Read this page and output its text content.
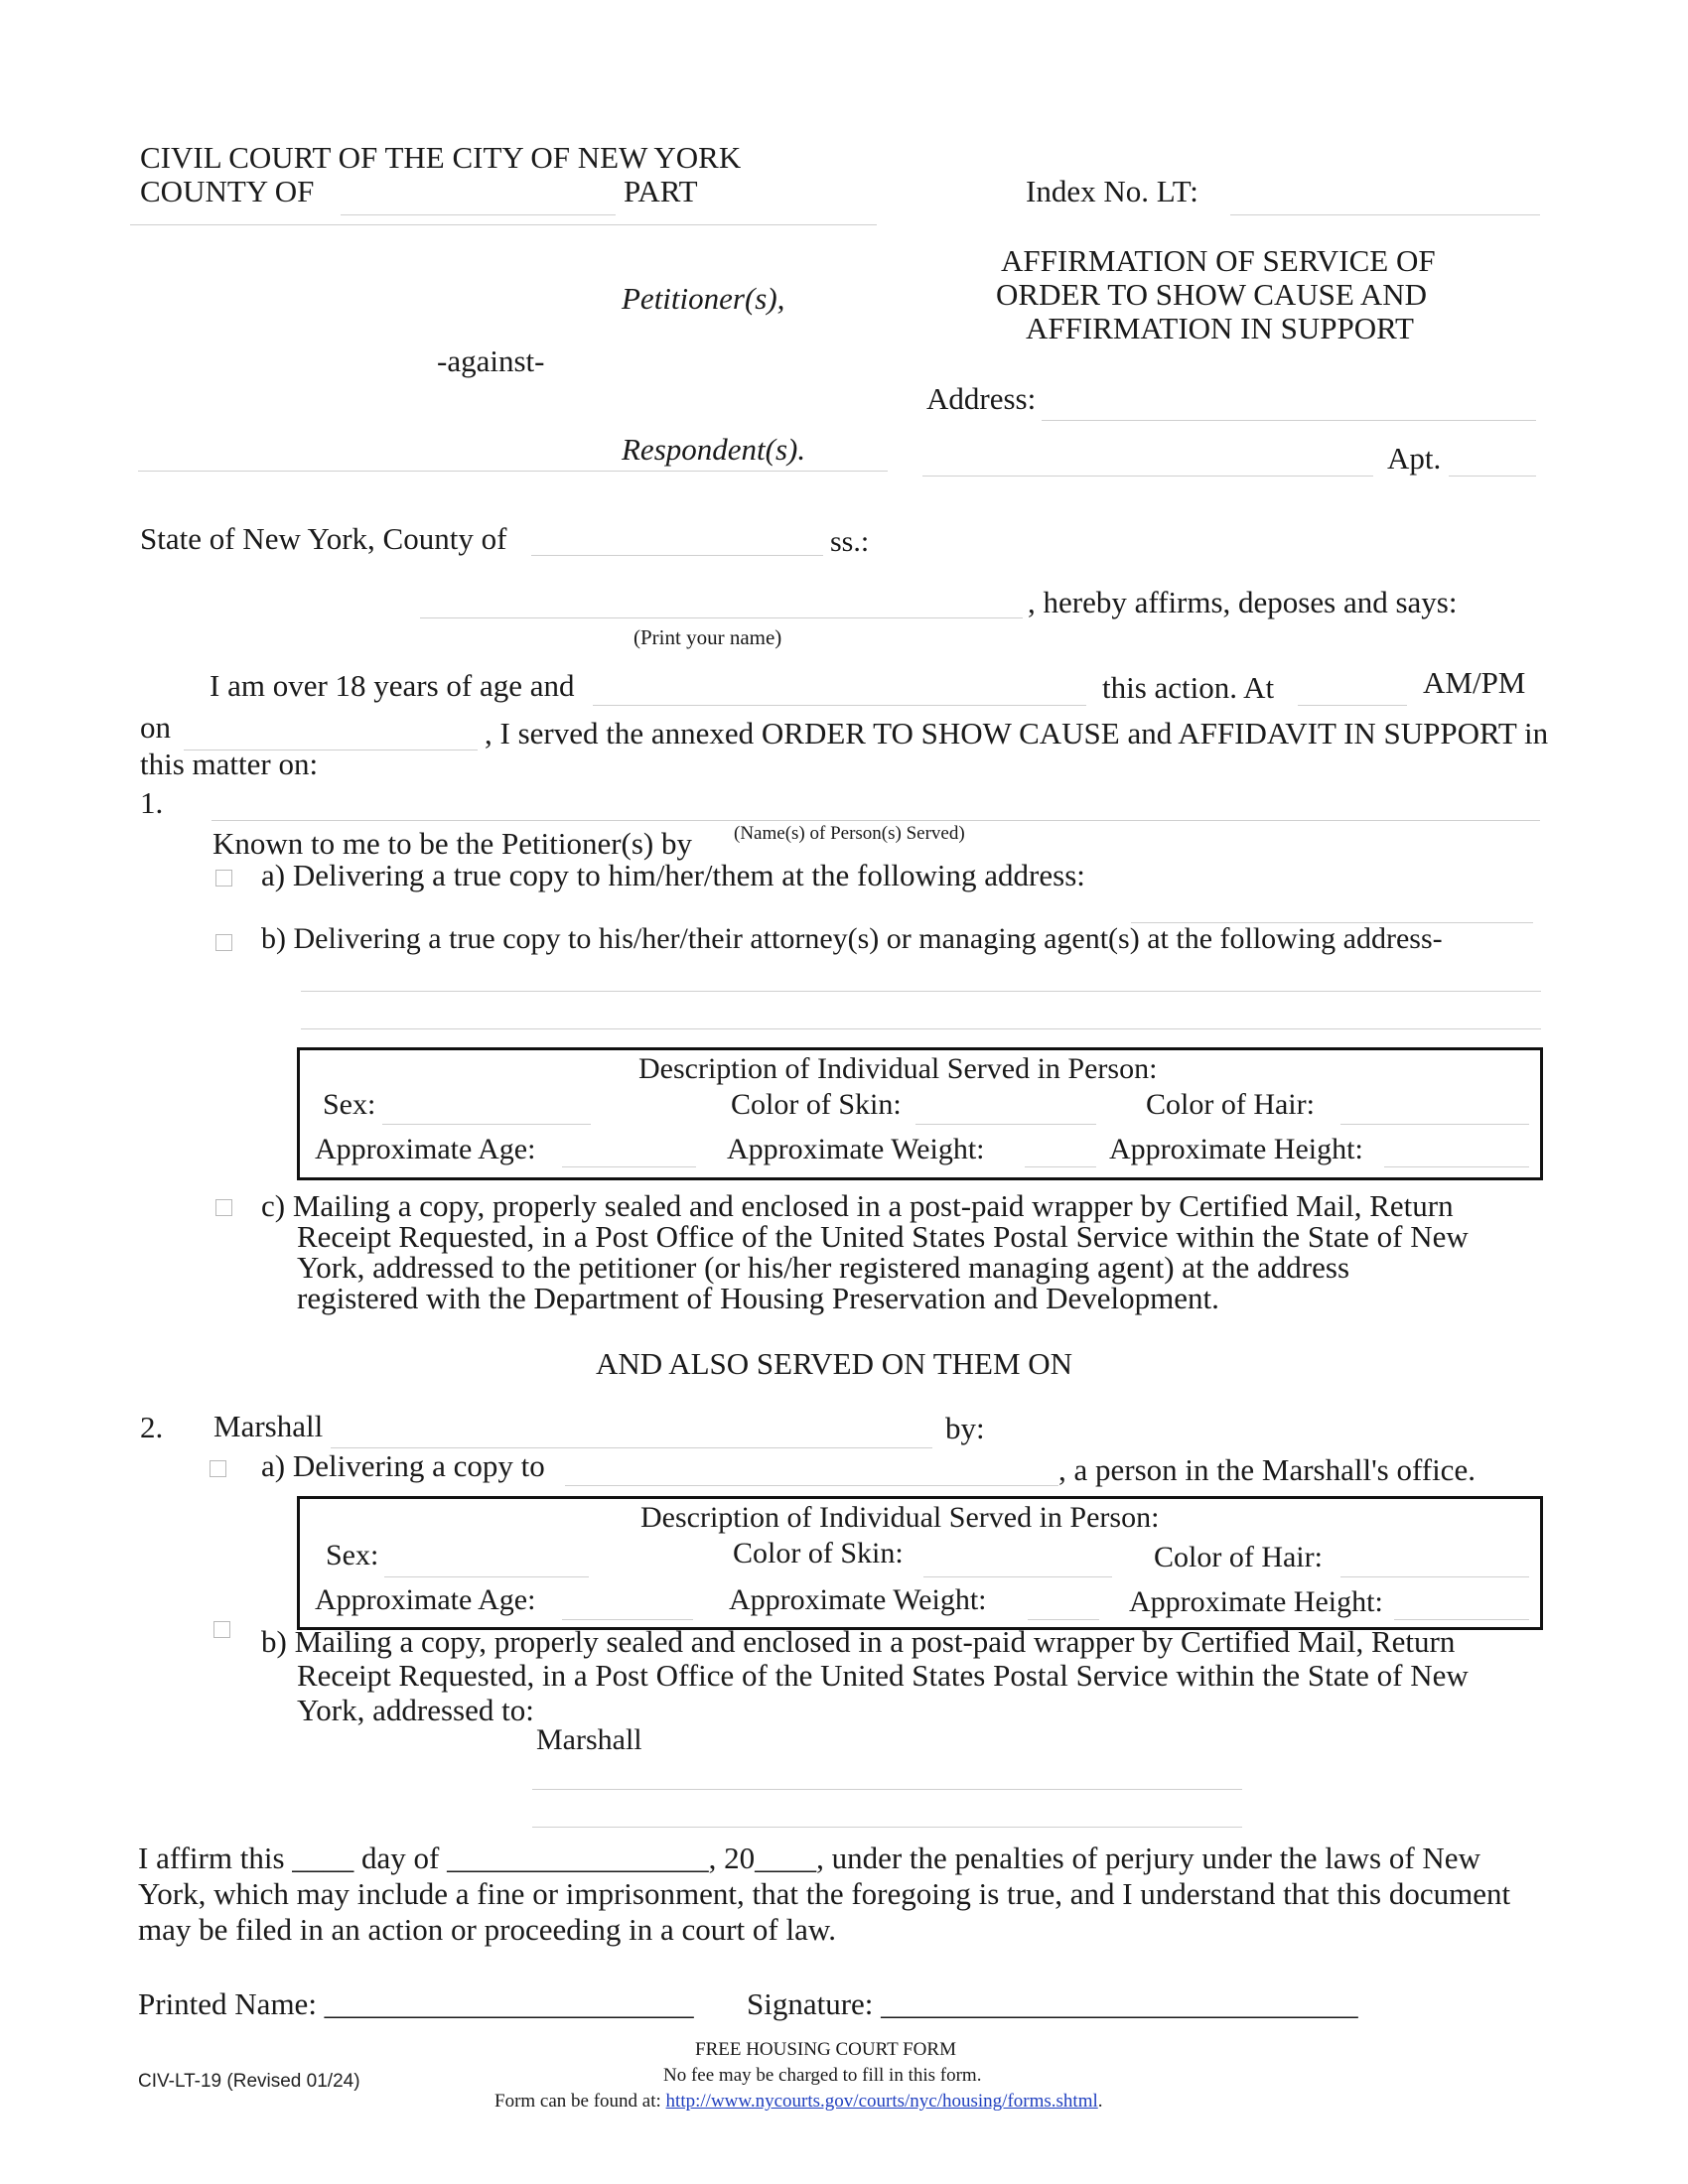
CIVIL COURT OF THE CITY OF NEW YORK
COUNTY OF	PART	Index No. LT:
Petitioner(s),
-against-
Respondent(s).
AFFIRMATION OF SERVICE OF
ORDER TO SHOW CAUSE AND
AFFIRMATION IN SUPPORT
Address:
Apt.
State of New York, County of	ss.:
, hereby affirms, deposes and says:
(Print your name)
I am over 18 years of age and	this action. At	AM/PM
on	, I served the annexed ORDER TO SHOW CAUSE and AFFIDAVIT IN SUPPORT in
this matter on:
1.
Known to me to be the Petitioner(s) by (Name(s) of Person(s) Served)
a) Delivering a true copy to him/her/them at the following address:
b) Delivering a true copy to his/her/their attorney(s) or managing agent(s) at the following address-
Description of Individual Served in Person:
Sex:	Color of Skin:	Color of Hair:
Approximate Age:	Approximate Weight:	Approximate Height:
c) Mailing a copy, properly sealed and enclosed in a post-paid wrapper by Certified Mail, Return
Receipt Requested, in a Post Office of the United States Postal Service within the State of New
York, addressed to the petitioner (or his/her registered managing agent) at the address
registered with the Department of Housing Preservation and Development.
AND ALSO SERVED ON THEM ON
2. Marshall	by:
a) Delivering a copy to	, a person in the Marshall's office.
Description of Individual Served in Person:
Sex:	Color of Skin:	Color of Hair:
Approximate Age:	Approximate Weight:	Approximate Height:
b) Mailing a copy, properly sealed and enclosed in a post-paid wrapper by Certified Mail, Return
Receipt Requested, in a Post Office of the United States Postal Service within the State of New
York, addressed to:
Marshall
I affirm this ____ day of _________________, 20____, under the penalties of perjury under the laws of New
York, which may include a fine or imprisonment, that the foregoing is true, and I understand that this document
may be filed in an action or proceeding in a court of law.
Printed Name: ________________________ Signature: _______________________________
CIV-LT-19 (Revised 01/24)
FREE HOUSING COURT FORM
No fee may be charged to fill in this form.
Form can be found at: http://www.nycourts.gov/courts/nyc/housing/forms.shtml.
